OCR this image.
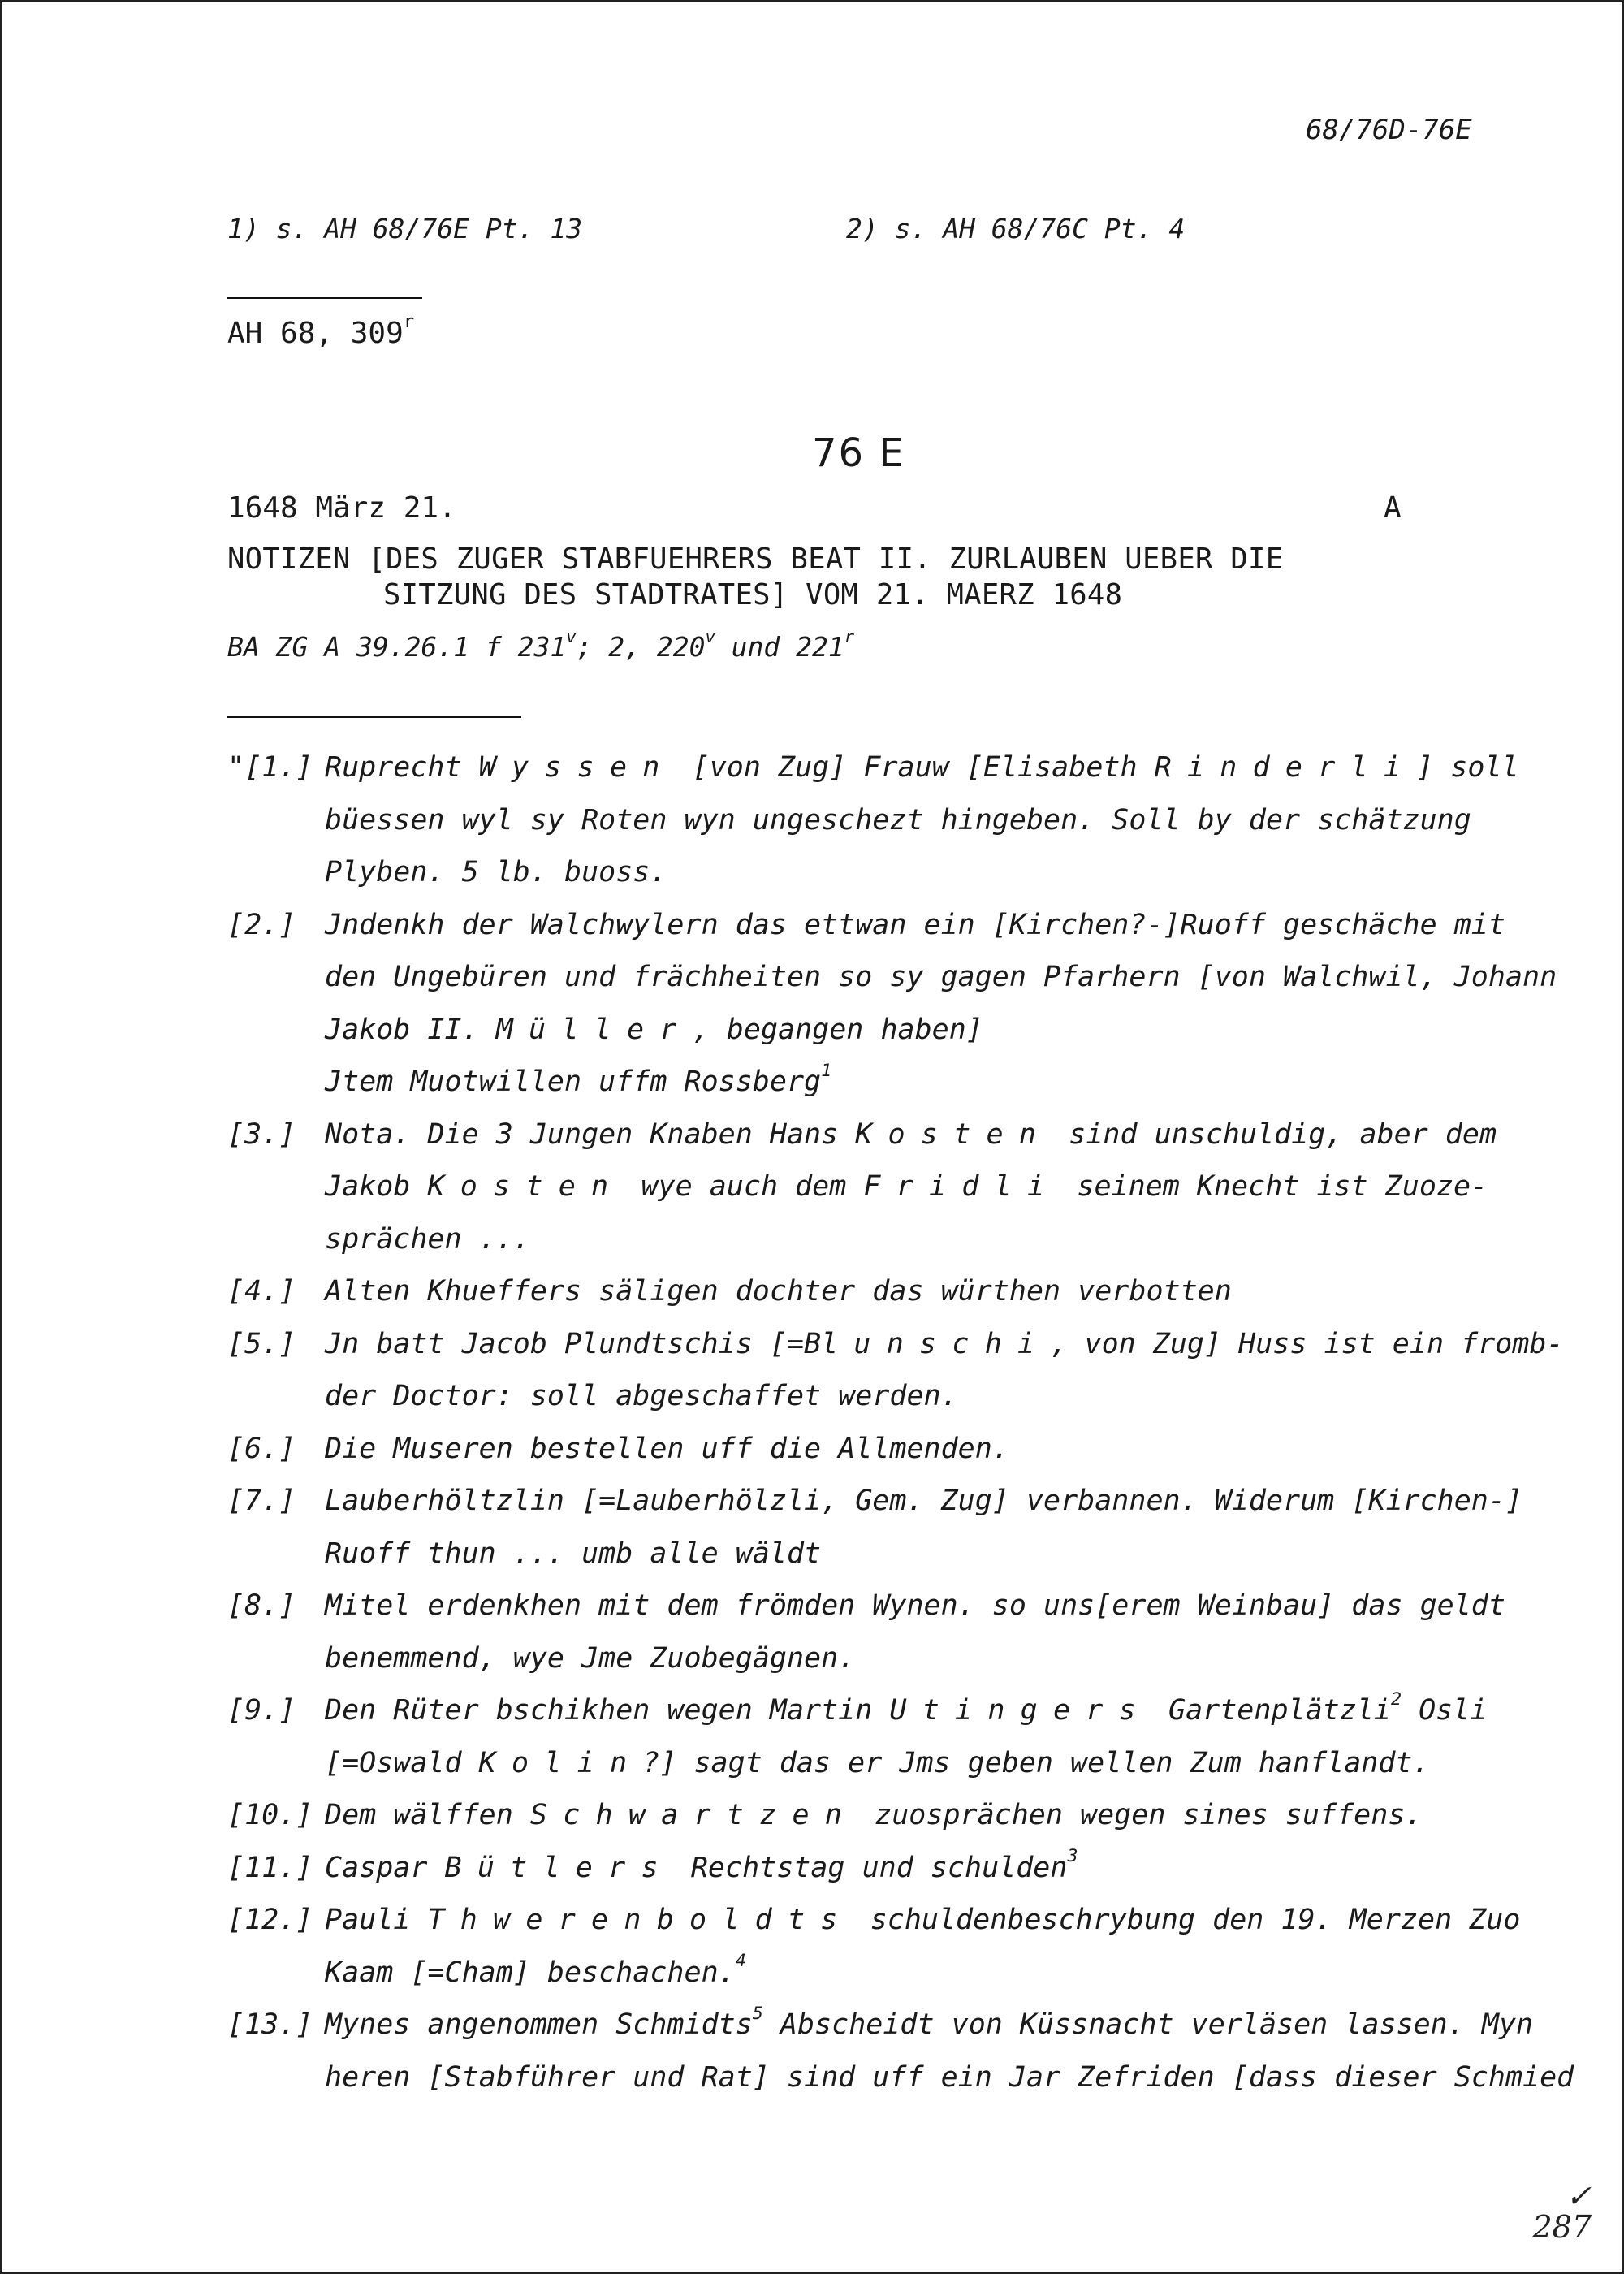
68/76D-76E
1) s. AH 68/76E Pt. 13	2) s. AH 68/76C Pt. 4
AH 68, 309$^r$
76 E
1648 März 21.	A
NOTIZEN [DES ZUGER STABFUEHRERS BEAT II. ZURLAUBEN UEBER DIE
SITZUNG DES STADTRATES] VOM 21. MAERZ 1648
BA ZG A 39.26.1 f 231$^v$; 2, 220$^v$ und 221$^r$
"[1.] Ruprecht Wyssen [von Zug] Frauw [Elisabeth Rinderli] soll
büessen wyl sy Roten wyn ungeschezt hingeben. Soll by der schätzung
Plyben. 5 lb. buoss.
[2.] Jndenkh der Walchwylern das ettwan ein [Kirchen?-]Ruoff geschäche mit
den Ungebüren und frächheiten so sy gagen Pfarhern [von Walchwil, Johann
Jakob II. Müller, begangen haben]
Jtem Muotwillen uffm Rossberg$^1$
[3.] Nota. Die 3 Jungen Knaben Hans Kosten sind unschuldig, aber dem
Jakob Kosten wye auch dem Fridli seinem Knecht ist Zuoze-
sprächen ...
[4.] Alten Khueffers säligen dochter das würthen verbotten
[5.] Jn batt Jacob Plundtschis [=Blunschi, von Zug] Huss ist ein fromb-
der Doctor: soll abgeschaffet werden.
[6.] Die Museren bestellen uff die Allmenden.
[7.] Lauberhöltzlin [=Lauberhölzli, Gem. Zug] verbannen. Widerum [Kirchen-]
Ruoff thun ... umb alle wäldt
[8.] Mitel erdenkhen mit dem frömden Wynen. so uns[erem Weinbau] das geldt
benemmend, wye Jme Zuobegägnen.
[9.] Den Rüter bschikhen wegen Martin Utingers Gartenplätzli$^2$ Osli
[=Oswald Kolin?] sagt das er Jms geben wellen Zum hanflandt.
[10.] Dem wälffen Schwartzen zuosprächen wegen sines suffens.
[11.] Caspar Bütlers Rechtstag und schulden$^3$
[12.] Pauli Thwerenboldts schuldenbeschrybung den 19. Merzen Zuo
Kaam [=Cham] beschachen.$^4$
[13.] Mynes angenommen Schmidts$^5$ Abscheidt von Küssnacht verläsen lassen. Myn
heren [Stabführer und Rat] sind uff ein Jar Zefriden [dass dieser Schmied
✓ 287
